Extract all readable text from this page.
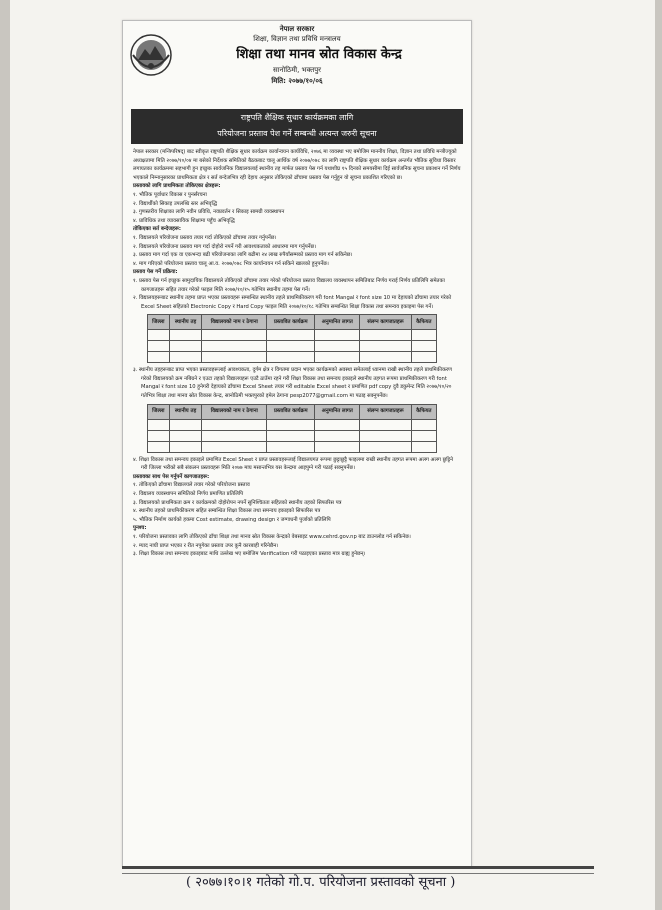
नेपाल सरकार
शिक्षा, विज्ञान तथा प्रविधि मन्त्रालय
शिक्षा तथा मानव स्रोत विकास केन्द्र
सानोठिमी, भक्तपुर
मिति: २०७७/१०/०६
राष्ट्रपति शैक्षिक सुधार कार्यक्रमका लागि
परियोजना प्रस्ताव पेश गर्ने सम्बन्धी अत्यन्त जरुरी सूचना

नेपाल सरकार (मन्त्रिपरिषद्) बाट स्वीकृत राष्ट्रपति शैक्षिक सुधार कार्यक्रम कार्यान्वयन कार्यविधि, २०७६ मा व्यवस्था भए बमोजिम माननीय शिक्षा, विज्ञान तथा प्रविधि मन्त्रीज्यूको अध्यक्षतामा मिति २०७७/१०/०४ मा बसेको निर्देशक समितिको बैठकबाट चालू आर्थिक वर्ष २०७७/०७८ का लागि राष्ट्रपति शैक्षिक सुधार कार्यक्रम अन्तर्गत भौतिक सुविधा विस्तार लगायतका कार्यक्रममा सहभागी हुन इच्छुक सार्वजनिक विद्यालयलाई स्थानीय तह मार्फत प्रस्ताव पेस गर्न यथाशीघ्र १५ दिनको समयसीमा दिई सार्वजनिक सूचना प्रकाशन गर्ने निर्णय भएकाले निम्नानुसारका प्राथमिकता क्षेत्र र सर्त बन्देजभित्र रही देहाय अनुसार तोकिएको ढाँचामा प्रस्ताव पेस गर्नुहुन यो सूचना प्रकाशित गरिएको छ।

प्रस्तावको लागि प्राथमिकता तोकिएका क्षेत्रहरू:

१. भौतिक पूर्वाधार विकास र पुनर्संरचना

२. विद्यार्थीको सिकाइ उपलब्धि स्तर अभिवृद्धि

३. गुणस्तरीय शिक्षाका लागि नवीन प्रविधि, नवप्रवर्तन र सिकाइ सामग्री व्यवस्थापन

४. प्राविधिक तथा व्यावसायिक शिक्षामा पहुँच अभिवृद्धि

तोकिएका सर्त बन्देजहरू:

१. विद्यालयले परियोजना प्रस्ताव तयार गर्दा तोकिएको ढाँचामा तयार गर्नुपर्नेछ।

२. विद्यालयले परियोजना प्रस्ताव माग गर्दा दोहोरो नपर्ने गरी आवश्यकताको आधारमा माग गर्नुपर्नेछ।

३. प्रस्ताव माग गर्दा एक वा एकभन्दा बढी परियोजनाका लागि बढीमा २४ लाख रुपैयाँसम्मको प्रस्ताव माग गर्न सकिनेछ।

४. माग गरिएको परियोजना प्रस्ताव चालू आ.व. २०७७/०७८ भित्र कार्यान्वयन गर्न सकिने खालको हुनुपर्नेछ।

प्रस्ताव पेस गर्ने प्रक्रिया:

१. प्रस्ताव पेस गर्न इच्छुक सामुदायिक विद्यालयले तोकिएको ढाँचामा तयार गरेको परियोजना प्रस्ताव विद्यालय व्यवस्थापन समितिबाट निर्णय गराई निर्णय प्रतिलिपि समेतका कागजातहरू सहित तयार गरेको फाइल मिति २०७७/१०/१५ गतेभित्र स्थानीय तहमा पेस गर्ने।

२. विद्यालयहरूबाट स्थानीय तहमा प्राप्त भएका प्रस्तावहरू सम्बन्धित स्थानीय तहले प्राथमिकीकरण गरी font Mangal र font size 10 मा देहायको ढाँचामा तयार गरेको Excel Sheet सहितको Electronic Copy र Hard Copy फाइल मिति २०७७/१०/१८ गतेभित्र सम्बन्धित शिक्षा विकास तथा समन्वय इकाइमा पेस गर्ने।

जिल्ला	स्थानीय तह	विद्यालयको नाम र ठेगाना	प्रस्तावित कार्यक्रम	अनुमानित लागत	संलग्न कागजातहरू	कैफियत

३. स्थानीय तहहरूबाट प्राप्त भएका प्रस्तावहरूलाई आवश्यकता, दुर्गम क्षेत्र र विगतमा प्रदान भएका कार्यक्रमको अवस्था समेतलाई ध्यानमा राखी स्थानीय तहले प्राथमिकीकरण गरेको विद्यालयको क्रम नबिग्रने र एउटा तहको विद्यालयहरू एउटै ठाउँमा रहने गरी शिक्षा विकास तथा समन्वय इकाइले स्थानीय तहगत रूपमा प्राथमिकीकरण गरी font Mangal र font size 10 हुनेगरी देहायको ढाँचामा Excel Sheet तयार गरी editable Excel sheet र प्रमाणित pdf copy दुवै डकुमेन्ट मिति २०७७/१०/२० गतेभित्र शिक्षा तथा मानव स्रोत विकास केन्द्र, सानोठिमी भक्तपुरको इमेल ठेगाना pesp2077@gmail.com मा पठाइ सक्नुपर्नेछ।

जिल्ला	स्थानीय तह	विद्यालयको नाम र ठेगाना	प्रस्तावित कार्यक्रम	अनुमानित लागत	संलग्न कागजातहरू	कैफियत

४. शिक्षा विकास तथा समन्वय इकाइले प्रमाणित Excel Sheet र प्राप्त प्रस्तावहरूलाई विद्यालयगत रूपमा छुट्टाछुट्टै फाइलमा राखी स्थानीय तहगत रूपमा अलग अलग छुट्टिने गरी जिल्ला भरीको सबै संकलन प्रस्तावहरू मिति २०७७ माघ मसान्तभित्र यस केन्द्रमा आइपुग्ने गरी पठाई सक्नुपर्नेछ।

प्रस्तावका साथ पेस गर्नुपर्ने कागजातहरू:

१. तोकिएको ढाँचामा विद्यालयले तयार गरेको परियोजना प्रस्ताव

२. विद्यालय व्यवस्थापन समितिको निर्णय प्रमाणित प्रतिलिपि

३. विद्यालयको प्राथमिकता क्रम र कार्यक्रमको दोहोरोपन नपर्ने सुनिश्चितता सहितको स्थानीय तहको सिफारिस पत्र

४. स्थानीय तहको प्राथमिकीकरण सहित सम्बन्धित शिक्षा विकास तथा समन्वय इकाइको सिफारिस पत्र

५. भौतिक निर्माण कार्यको हकमा Cost estimate, drawing design र जग्गाधनी पुर्जाको प्रतिलिपि

पुनश्च:

१. परियोजना प्रस्तावका लागि तोकिएको ढाँचा शिक्षा तथा मानव स्रोत विकास केन्द्रको वेबसाइट www.cehrd.gov.np बाट डाउनलोड गर्न सकिनेछ।

२. म्याद नाघी प्राप्त भएका र रीत नपुगेका प्रस्ताव उपर कुनै कारबाही गरिनेछैन।

३. शिक्षा विकास तथा समन्वय इकाइबाट माथि उल्लेख भए बमोजिम Verification गरी पठाइएका प्रस्ताव मात्र ग्राह्य हुनेछन्।

( २०७७।१०।१ गतेको गो.प. परियोजना प्रस्तावको सूचना )
